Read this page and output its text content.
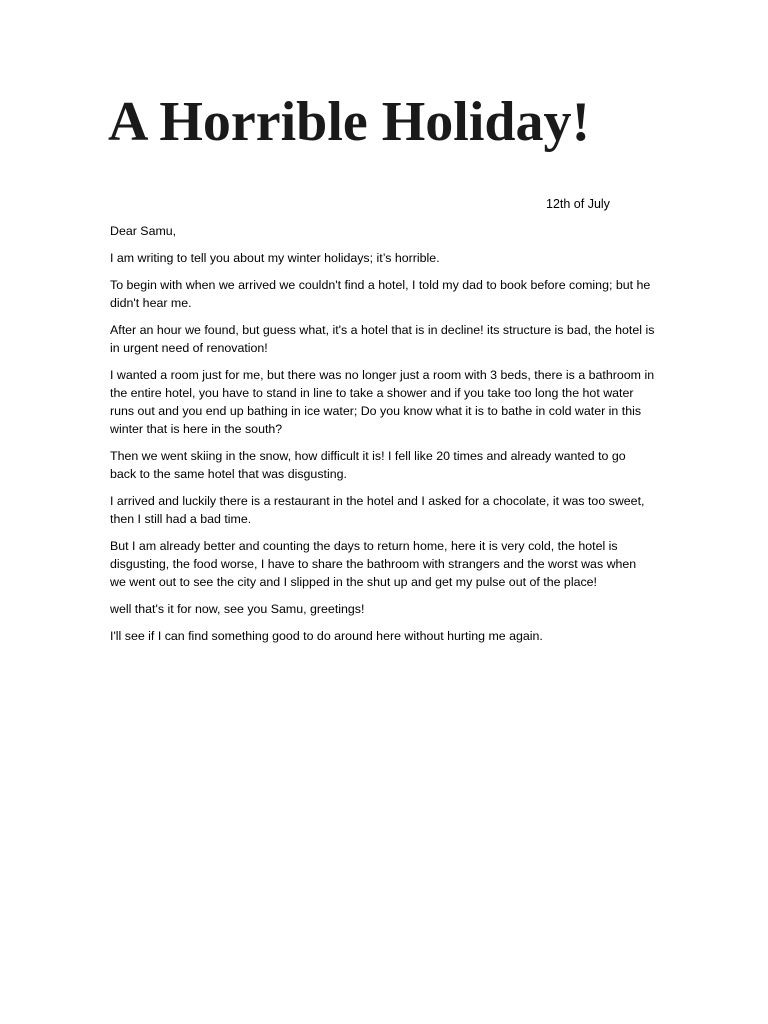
A Horrible Holiday!

12th of July

Dear Samu,

I am writing to tell you about my winter holidays; it’s horrible.

To begin with when we arrived we couldn't find a hotel, I told my dad to book before coming; but he didn't hear me.

After an hour we found, but guess what, it's a hotel that is in decline! its structure is bad, the hotel is in urgent need of renovation!

I wanted a room just for me, but there was no longer just a room with 3 beds, there is a bathroom in the entire hotel, you have to stand in line to take a shower and if you take too long the hot water runs out and you end up bathing in ice water; Do you know what it is to bathe in cold water in this winter that is here in the south?

Then we went skiing in the snow, how difficult it is! I fell like 20 times and already wanted to go back to the same hotel that was disgusting.

I arrived and luckily there is a restaurant in the hotel and I asked for a chocolate, it was too sweet, then I still had a bad time.

But I am already better and counting the days to return home, here it is very cold, the hotel is disgusting, the food worse, I have to share the bathroom with strangers and the worst was when we went out to see the city and I slipped in the shut up and get my pulse out of the place!

well that's it for now, see you Samu, greetings!

I'll see if I can find something good to do around here without hurting me again.
